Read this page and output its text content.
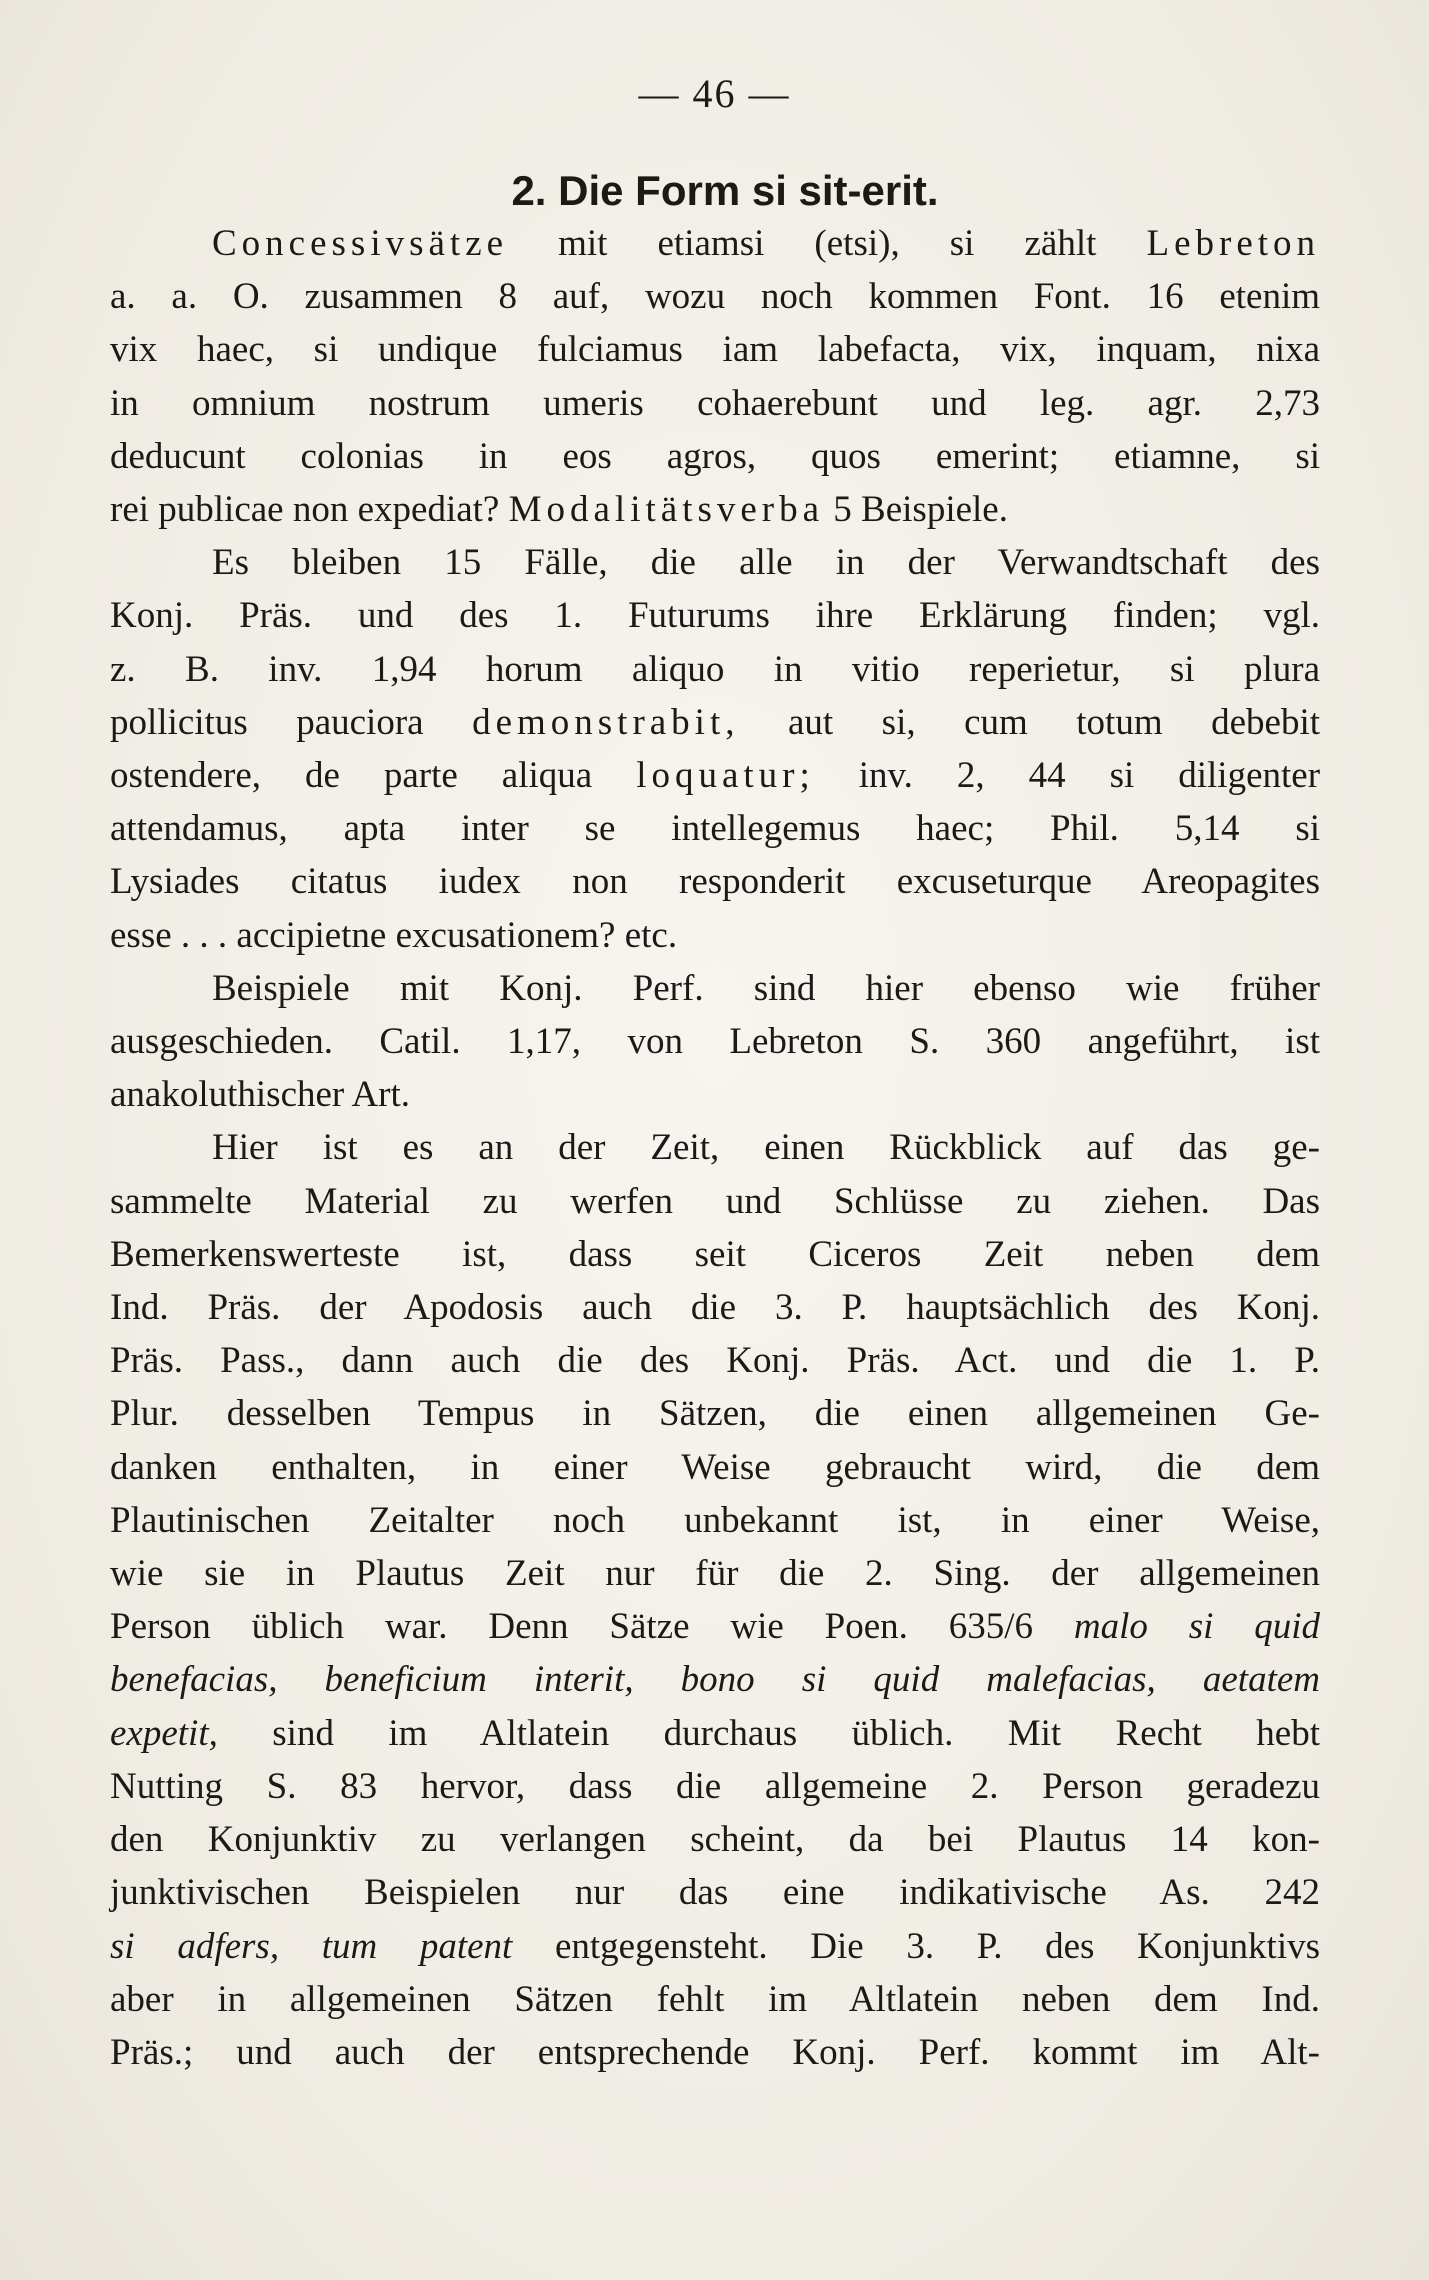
— 46 —
2. Die Form si sit-erit.
Concessivsätze mit etiamsi (etsi), si zählt Lebreton
a. a. O. zusammen 8 auf, wozu noch kommen Font. 16 etenim
vix haec, si undique fulciamus iam labefacta, vix, inquam, nixa
in omnium nostrum umeris cohaerebunt und leg. agr. 2,73
deducunt colonias in eos agros, quos emerint; etiamne, si
rei publicae non expediat? Modalitätsverba 5 Beispiele.
Es bleiben 15 Fälle, die alle in der Verwandtschaft des
Konj. Präs. und des 1. Futurums ihre Erklärung finden; vgl.
z. B. inv. 1,94 horum aliquo in vitio reperietur, si plura
pollicitus pauciora demonstrabit, aut si, cum totum debebit
ostendere, de parte aliqua loquatur; inv. 2, 44 si diligenter
attendamus, apta inter se intellegemus haec; Phil. 5,14 si
Lysiades citatus iudex non responderit excuseturque Areopagites
esse . . . accipietne excusationem? etc.
Beispiele mit Konj. Perf. sind hier ebenso wie früher
ausgeschieden. Catil. 1,17, von Lebreton S. 360 angeführt, ist
anakoluthischer Art.
Hier ist es an der Zeit, einen Rückblick auf das ge-
sammelte Material zu werfen und Schlüsse zu ziehen. Das
Bemerkenswerteste ist, dass seit Ciceros Zeit neben dem
Ind. Präs. der Apodosis auch die 3. P. hauptsächlich des Konj.
Präs. Pass., dann auch die des Konj. Präs. Act. und die 1. P.
Plur. desselben Tempus in Sätzen, die einen allgemeinen Ge-
danken enthalten, in einer Weise gebraucht wird, die dem
Plautinischen Zeitalter noch unbekannt ist, in einer Weise,
wie sie in Plautus Zeit nur für die 2. Sing. der allgemeinen
Person üblich war. Denn Sätze wie Poen. 635/6 malo si quid
benefacias, beneficium interit, bono si quid malefacias, aetatem
expetit, sind im Altlatein durchaus üblich. Mit Recht hebt
Nutting S. 83 hervor, dass die allgemeine 2. Person geradezu
den Konjunktiv zu verlangen scheint, da bei Plautus 14 kon-
junktivischen Beispielen nur das eine indikativische As. 242
si adfers, tum patent entgegensteht. Die 3. P. des Konjunktivs
aber in allgemeinen Sätzen fehlt im Altlatein neben dem Ind.
Präs.; und auch der entsprechende Konj. Perf. kommt im Alt-
